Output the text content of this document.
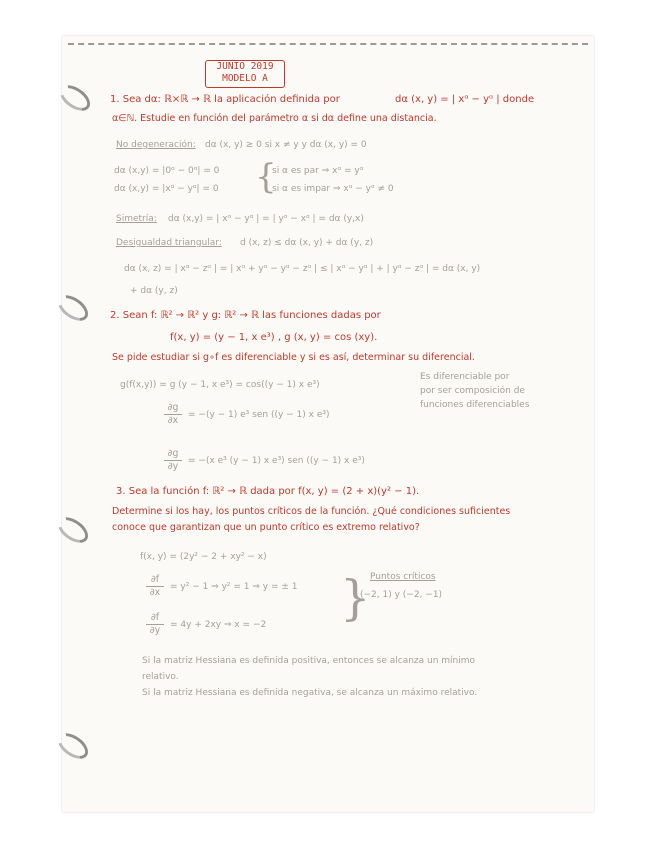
JUNIO 2019
MODELO A
1. Sea dα: ℝ×ℝ → ℝ la aplicación definida por	dα (x, y) = | xᵅ − yᵅ | donde
α∈ℕ. Estudie en función del parámetro α si dα define una distancia.
No degeneración: dα (x, y) ≥ 0 si x ≠ y y dα (x, y) = 0
dα (x,y) = |0ᵅ − 0ᵅ| = 0
dα (x,y) = |xᵅ − yᵅ| = 0 {
si α es par ⇒ xᵅ = yᵅ
si α es impar ⇒ xᵅ − yᵅ ≠ 0
Simetría: dα (x,y) = | xᵅ − yᵅ | = | yᵅ − xᵅ | = dα (y,x)
Desigualdad triangular: d (x, z) ≤ dα (x, y) + dα (y, z)
dα (x, z) = | xᵅ − zᵅ | = | xᵅ + yᵅ − yᵅ − zᵅ | ≤ | xᵅ − yᵅ | + | yᵅ − zᵅ | = dα (x, y)
+ dα (y, z)
2. Sean f: ℝ² → ℝ² y g: ℝ² → ℝ las funciones dadas por
f(x, y) = (y − 1, x e³) , g (x, y) = cos (xy).
Se pide estudiar si g∘f es diferenciable y si es así, determinar su diferencial.
g(f(x,y)) = g (y − 1, x e³) = cos((y − 1) x e³)
Es diferenciable por
por ser composición de
funciones diferenciables
$\frac{\partial g}{\partial x} = -(y - 1)$ e³ sen ((y − 1) x e³)
$\frac{\partial g}{\partial y} = -(x$ e³ (y − 1) x e³) sen ((y − 1) x e³)
3. Sea la función f: ℝ² → ℝ dada por f(x, y) = (2 + x)(y² − 1).
Determine si los hay, los puntos críticos de la función. ¿Qué condiciones suficientes
conoce que garantizan que un punto crítico es extremo relativo?
f(x, y) = (2y² − 2 + xy² − x)
$\frac{\partial f}{\partial x} = y^2 - 1$ ⇒ y² = 1 ⇒ y = ± 1
$\frac{\partial f}{\partial y} = 4y + 2xy$ ⇒ x = −2 } Puntos críticos
(−2, 1) y (−2, −1)
Si la matriz Hessiana es definida positiva, entonces se alcanza un mínimo
relativo.
Si la matriz Hessiana es definida negativa, se alcanza un máximo relativo.
